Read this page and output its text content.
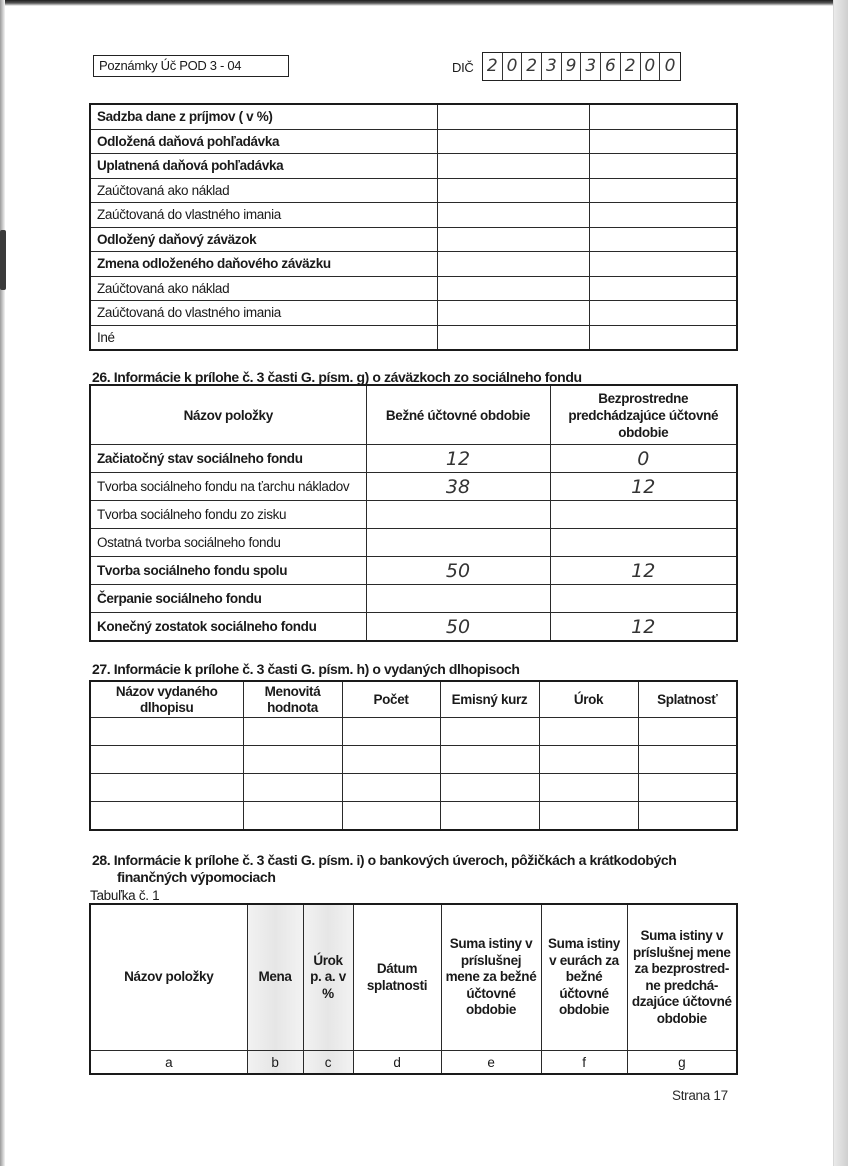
Poznámky Úč POD 3 - 04	DIČ 2 0 2 3 9 3 6 2 0 0
Sadzba dane z príjmov ( v %)		
Odložená daňová pohľadávka		
Uplatnená daňová pohľadávka		
Zaúčtovaná ako náklad		
Zaúčtovaná do vlastného imania		
Odložený daňový záväzok		
Zmena odloženého daňového záväzku		
Zaúčtovaná ako náklad		
Zaúčtovaná do vlastného imania		
Iné		
26. Informácie k prílohe č. 3 časti G. písm. g) o záväzkoch zo sociálneho fondu
Názov položky	Bežné účtovné obdobie	Bezprostredne predchádzajúce účtovné obdobie
Začiatočný stav sociálneho fondu	12	0
Tvorba sociálneho fondu na ťarchu nákladov	38	12
Tvorba sociálneho fondu zo zisku		
Ostatná tvorba sociálneho fondu		
Tvorba sociálneho fondu spolu	50	12
Čerpanie sociálneho fondu		
Konečný zostatok sociálneho fondu	50	12
27. Informácie k prílohe č. 3 časti G. písm. h) o vydaných dlhopisoch
Názov vydaného dlhopisu	Menovitá hodnota	Počet	Emisný kurz	Úrok	Splatnosť

28. Informácie k prílohe č. 3 časti G. písm. i) o bankových úveroch, pôžičkách a krátkodobých
finančných výpomociach
Tabuľka č. 1
Názov položky	Mena	Úrok p. a. v %	Dátum splatnosti	Suma istiny v príslušnej mene za bežné účtovné obdobie	Suma istiny v eurách za bežné účtovné obdobie	Suma istiny v príslušnej mene za bezprostred-ne predchá- dzajúce účtovné obdobie
a	b	c	d	e	f	g
Strana 17
